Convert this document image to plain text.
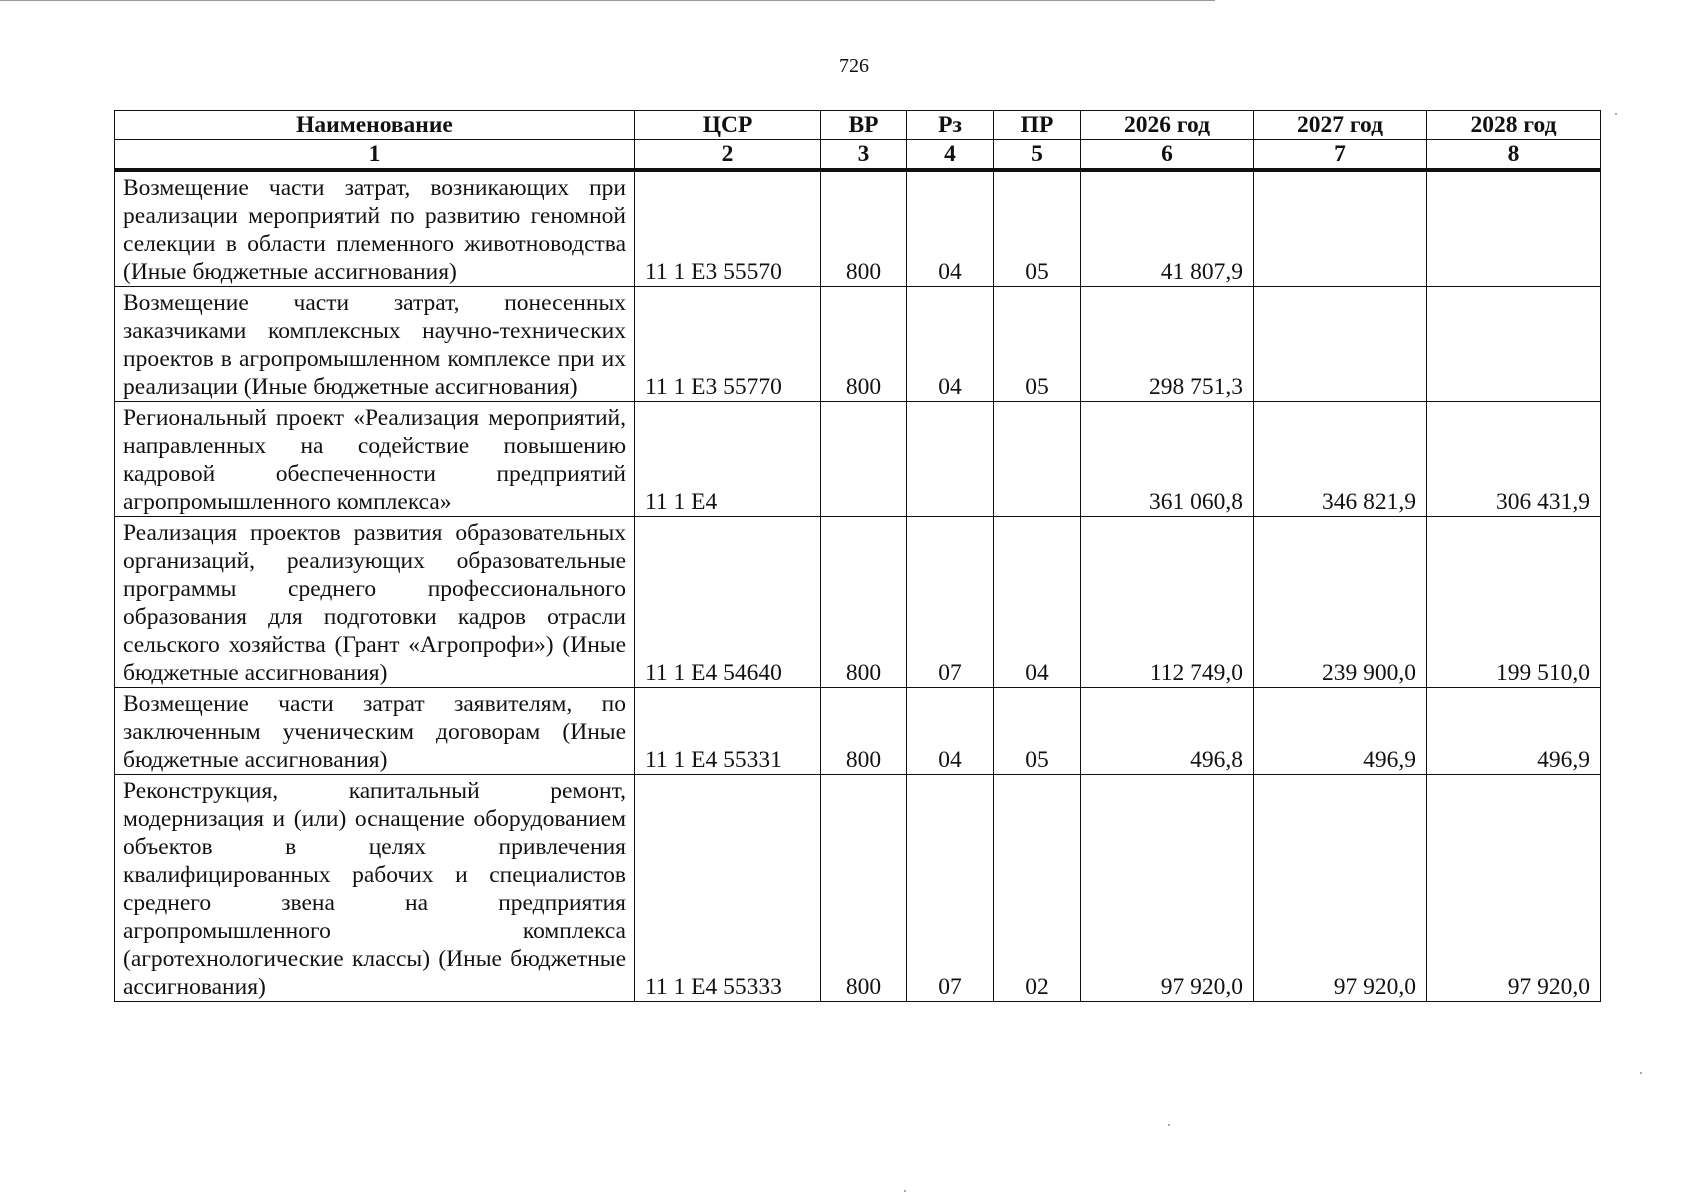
726
Наименование	ЦСР	ВР	Рз	ПР	2026 год	2027 год	2028 год
1	2	3	4	5	6	7	8
Возмещение части затрат, возникающих при реализации мероприятий по развитию геномной селекции в области племенного животноводства (Иные бюджетные ассигнования)	11 1 E3 55570	800	04	05	41 807,9		
Возмещение части затрат, понесенных заказчиками комплексных научно-технических проектов в агропромышленном комплексе при их реализации (Иные бюджетные ассигнования)	11 1 E3 55770	800	04	05	298 751,3		
Региональный проект «Реализация мероприятий, направленных на содействие повышению кадровой обеспеченности предприятий агропромышленного комплекса»	11 1 E4				361 060,8	346 821,9	306 431,9
Реализация проектов развития образовательных организаций, реализующих образовательные программы среднего профессионального образования для подготовки кадров отрасли сельского хозяйства (Грант «Агропрофи») (Иные бюджетные ассигнования)	11 1 E4 54640	800	07	04	112 749,0	239 900,0	199 510,0
Возмещение части затрат заявителям, по заключенным ученическим договорам (Иные бюджетные ассигнования)	11 1 E4 55331	800	04	05	496,8	496,9	496,9
Реконструкция, капитальный ремонт, модернизация и (или) оснащение оборудованием объектов в целях привлечения квалифицированных рабочих и специалистов среднего звена на предприятия агропромышленного комплекса (агротехнологические классы) (Иные бюджетные ассигнования)	11 1 E4 55333	800	07	02	97 920,0	97 920,0	97 920,0
